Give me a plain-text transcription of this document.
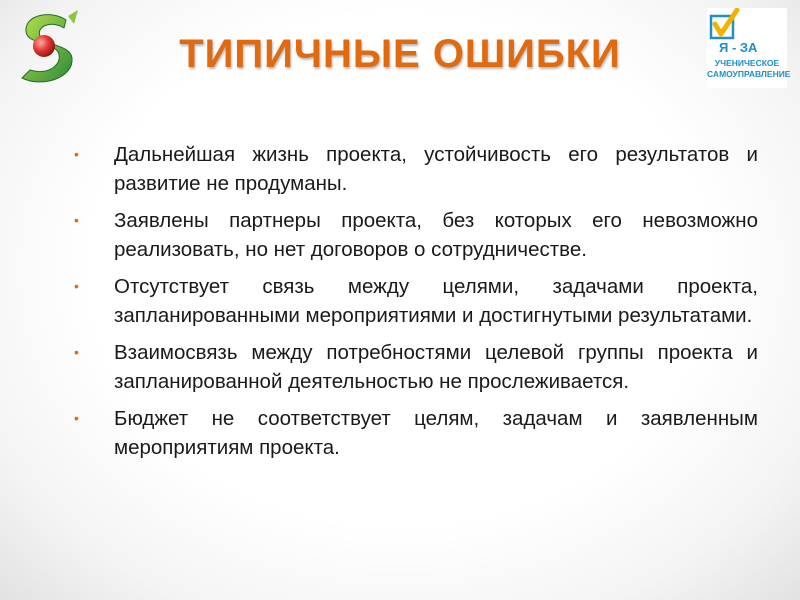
ТИПИЧНЫЕ ОШИБКИ	Я - ЗА
УЧЕНИЧЕСКОЕ
САМОУПРАВЛЕНИЕ
• Дальнейшая жизнь проекта, устойчивость его результатов и развитие не продуманы.
• Заявлены партнеры проекта, без которых его невозможно реализовать, но нет договоров о сотрудничестве.
• Отсутствует связь между целями, задачами проекта, запланированными мероприятиями и достигнутыми результатами.
• Взаимосвязь между потребностями целевой группы проекта и запланированной деятельностью не прослеживается.
• Бюджет не соответствует целям, задачам и заявленным мероприятиям проекта.
